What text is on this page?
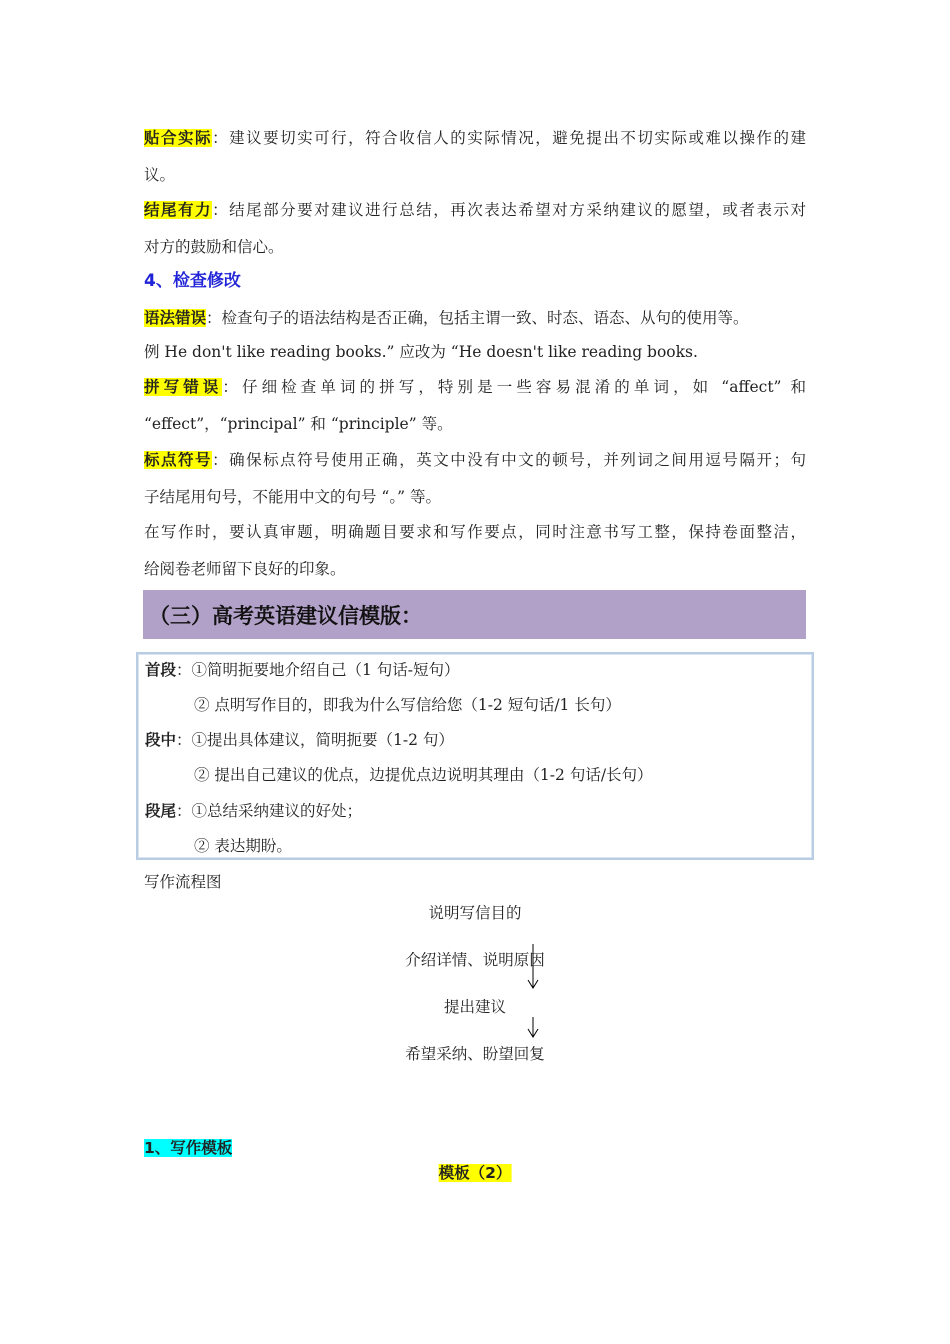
贴合实际：建议要切实可行，符合收信人的实际情况，避免提出不切实际或难以操作的建
议。
结尾有力：结尾部分要对建议进行总结，再次表达希望对方采纳建议的愿望，或者表示对
对方的鼓励和信心。
4、检查修改
语法错误：检查句子的语法结构是否正确，包括主谓一致、时态、语态、从句的使用等。
例 He don't like reading books.” 应改为 “He doesn't like reading books.
拼写错误：仔细检查单词的拼写，特别是一些容易混淆的单词，如 “affect” 和
“effect”，“principal” 和 “principle” 等。
标点符号：确保标点符号使用正确，英文中没有中文的顿号，并列词之间用逗号隔开；句
子结尾用句号，不能用中文的句号 “。” 等。
在写作时，要认真审题，明确题目要求和写作要点，同时注意书写工整，保持卷面整洁，
给阅卷老师留下良好的印象。
（三）高考英语建议信模版：
首段：①简明扼要地介绍自己（1 句话-短句）
② 点明写作目的，即我为什么写信给您（1-2 短句话/1 长句）
段中：①提出具体建议，简明扼要（1-2 句）
② 提出自己建议的优点，边提优点边说明其理由（1-2 句话/长句）
段尾：①总结采纳建议的好处；
② 表达期盼。
写作流程图
说明写信目的
介绍详情、说明原因
提出建议
希望采纳、盼望回复
1、写作模板
模板（2）
